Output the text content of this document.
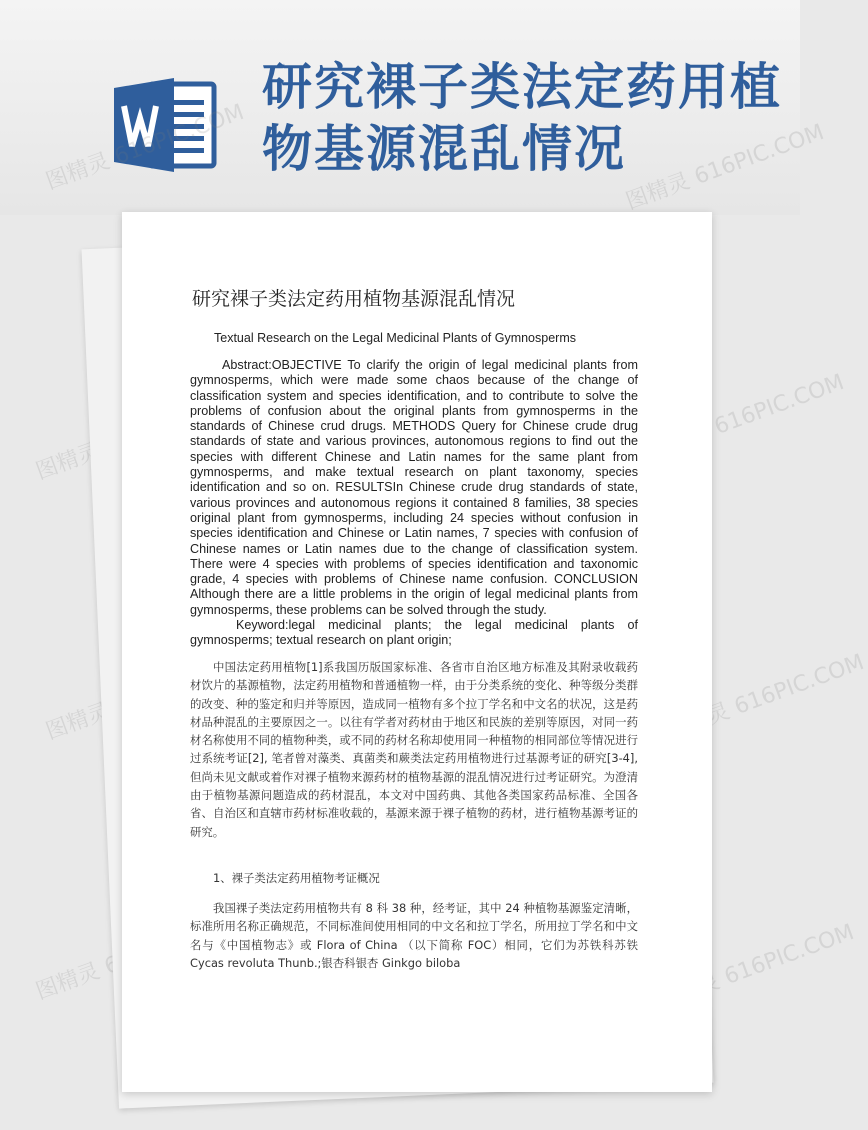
研究裸子类法定药用植物基源混乱情况
图精灵	图精灵 616PIC.COM
图精灵	图精灵 616PIC.COM
图精灵	图精灵 616PIC.COM
研究裸子类法定药用植物基源混乱情况
Textual Research on the Legal Medicinal Plants of Gymnosperms

Abstract:OBJECTIVE To clarify the origin of legal medicinal plants from gymnosperms, which were made some chaos because of the change of classification system and species identification, and to contribute to solve the problems of confusion about the original plants from gymnosperms in the standards of Chinese crud drugs. METHODS Query for Chinese crude drug standards of state and various provinces, autonomous regions to find out the species with different Chinese and Latin names for the same plant from gymnosperms, and make textual research on plant taxonomy, species identification and so on. RESULTSIn Chinese crude drug standards of state, various provinces and autonomous regions it contained 8 families, 38 species original plant from gymnosperms, including 24 species without confusion in species identification and Chinese or Latin names, 7 species with confusion of Chinese names or Latin names due to the change of classification system. There were 4 species with problems of species identification and taxonomic grade, 4 species with problems of Chinese name confusion. CONCLUSION Although there are a little problems in the origin of legal medicinal plants from gymnosperms, these problems can be solved through the study.

Keyword:legal medicinal plants; the legal medicinal plants of gymnosperms; textual research on plant origin;

中国法定药用植物[1]系我国历版国家标准、各省市自治区地方标准及其附录收载药材饮片的基源植物，法定药用植物和普通植物一样，由于分类系统的变化、种等级分类群的改变、种的鉴定和归并等原因，造成同一植物有多个拉丁学名和中文名的状况，这是药材品种混乱的主要原因之一。以往有学者对药材由于地区和民族的差别等原因，对同一药材名称使用不同的植物种类，或不同的药材名称却使用同一种植物的相同部位等情况进行过系统考证[2], 笔者曾对藻类、真菌类和蕨类法定药用植物进行过基源考证的研究[3-4], 但尚未见文献或着作对裸子植物来源药材的植物基源的混乱情况进行过考证研究。为澄清由于植物基源问题造成的药材混乱，本文对中国药典、其他各类国家药品标准、全国各省、自治区和直辖市药材标准收载的，基源来源于裸子植物的药材，进行植物基源考证的研究。

1、裸子类法定药用植物考证概况

我国裸子类法定药用植物共有 8 科 38 种，经考证，其中 24 种植物基源鉴定清晰，标准所用名称正确规范，不同标准间使用相同的中文名和拉丁学名，所用拉丁学名和中文名与《中国植物志》或 Flora of China （以下简称 FOC）相同，它们为苏铁科苏铁 Cycas revoluta Thunb.;银杏科银杏 Ginkgo biloba
